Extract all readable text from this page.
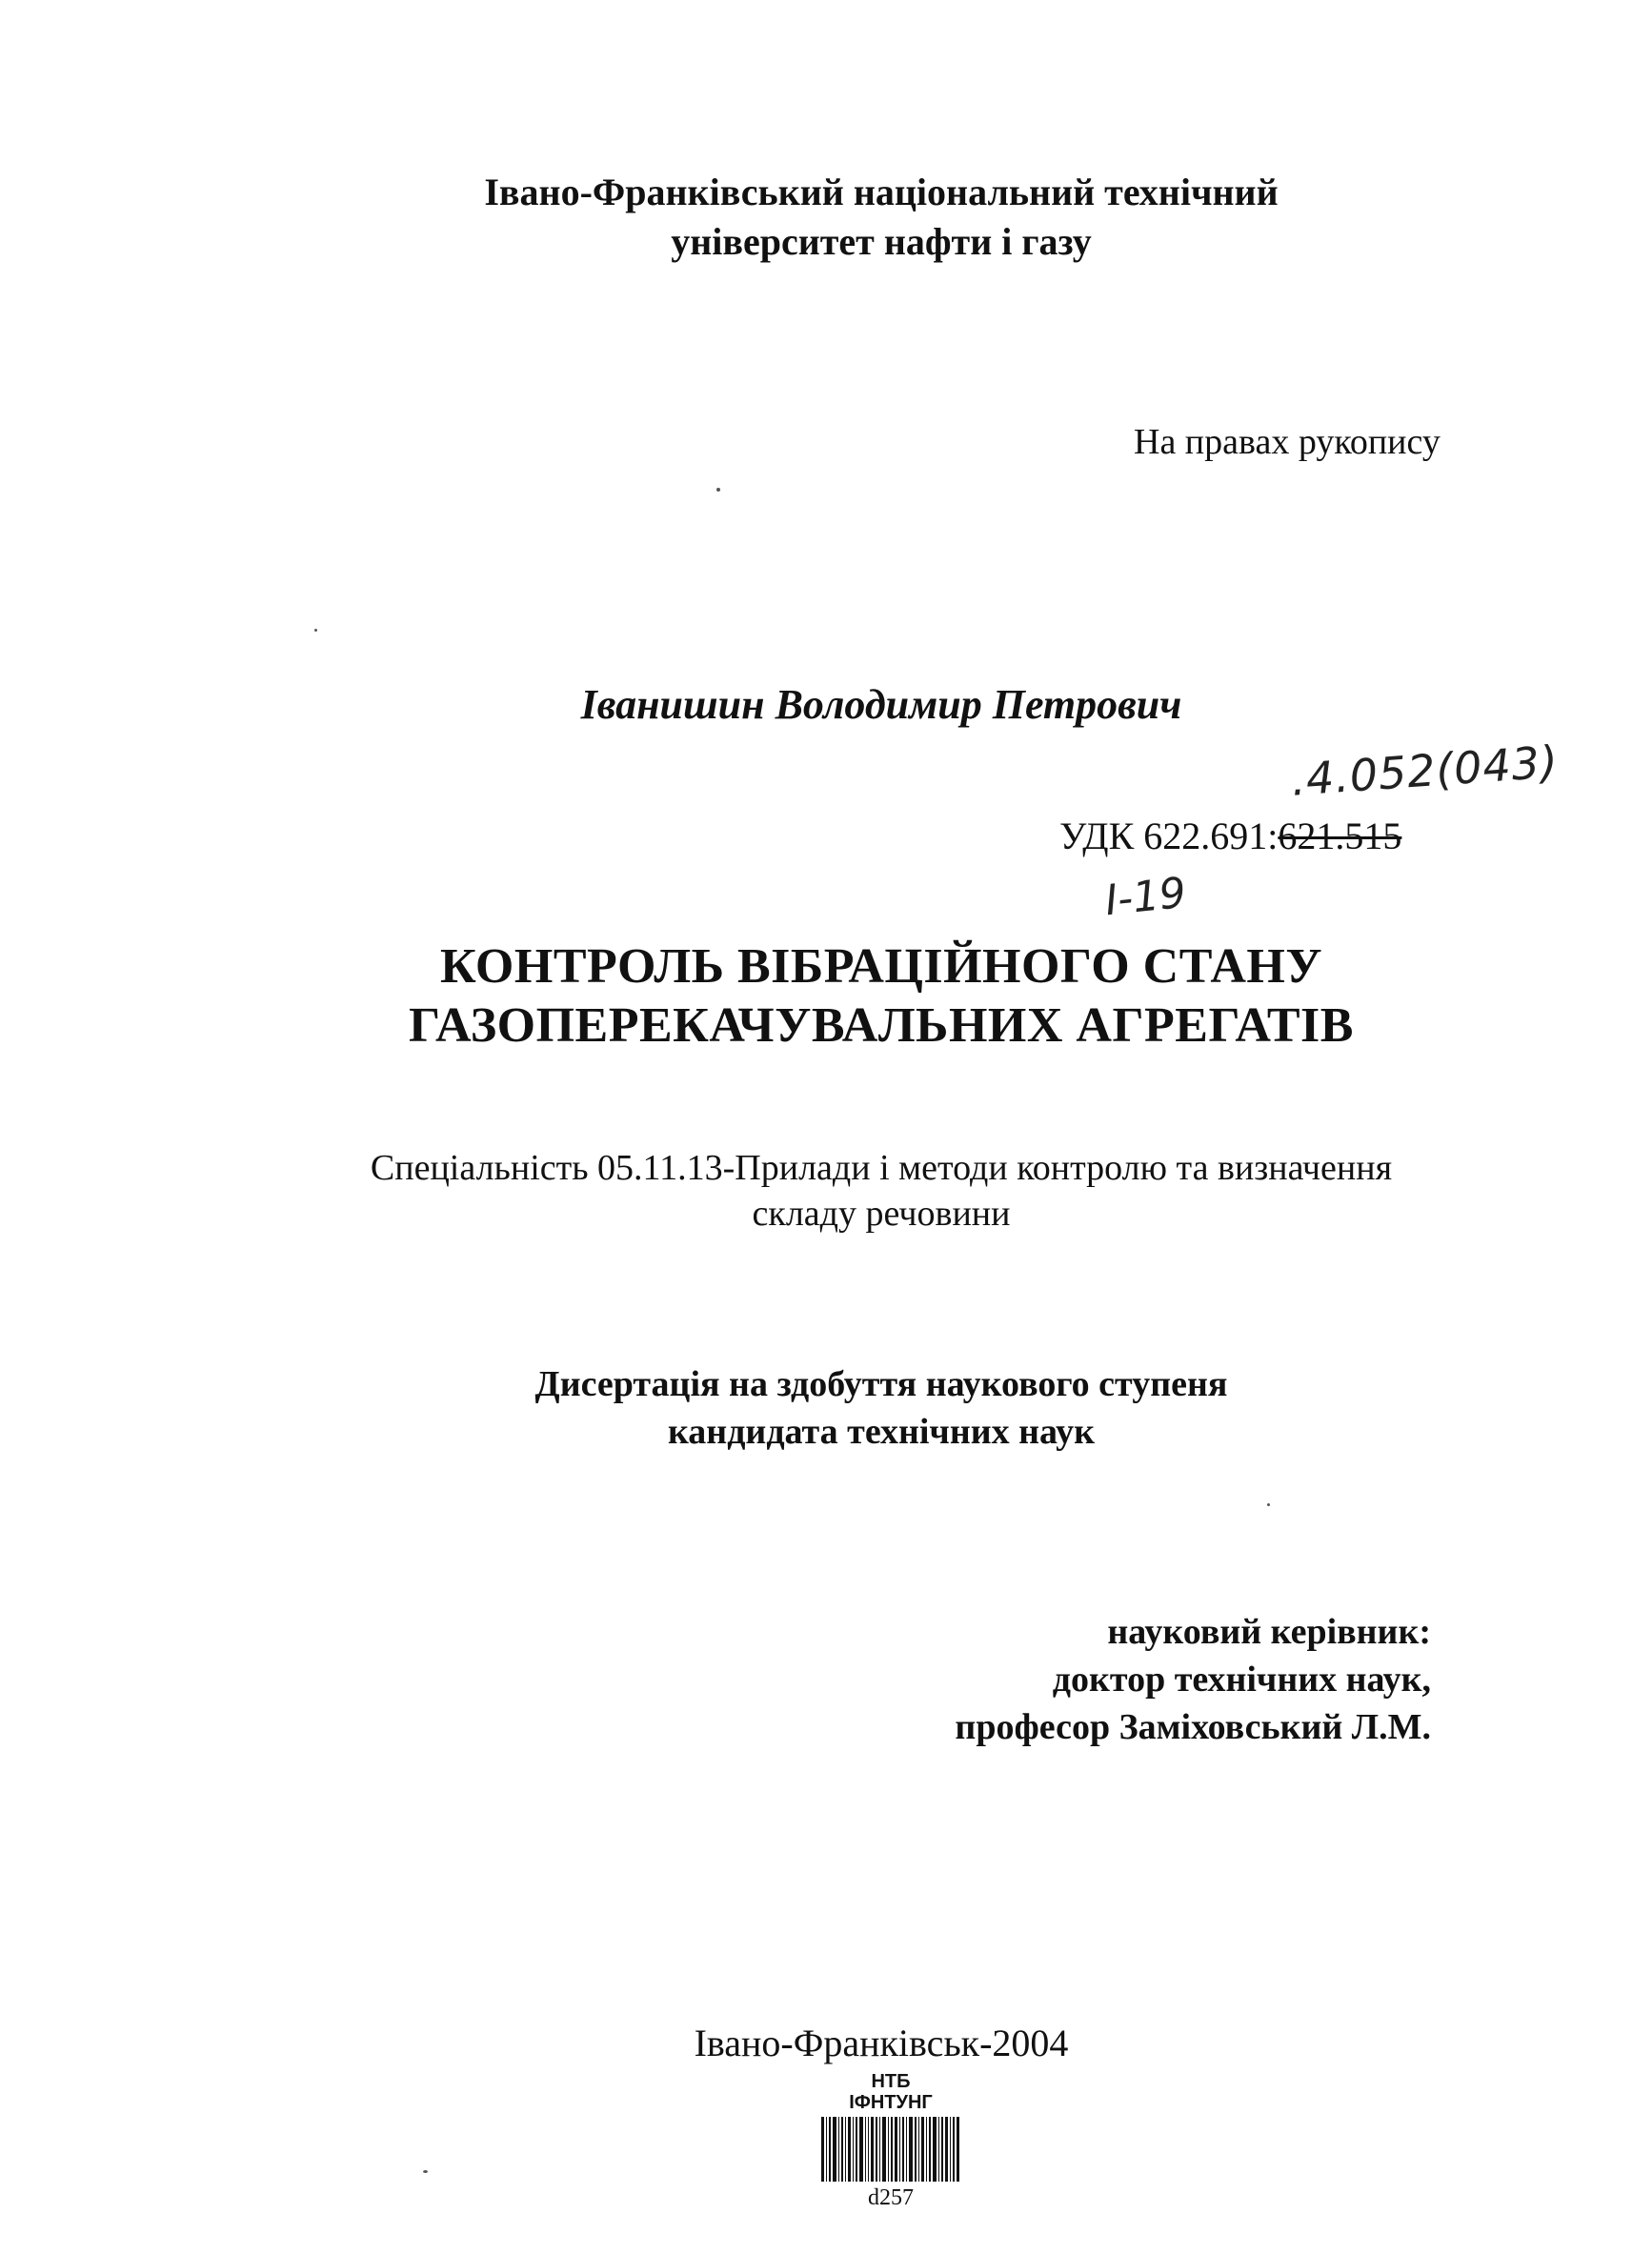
Івано-Франківський національний технічний
університет нафти і газу
На правах рукопису
Іванишин Володимир Петрович
.4.052(043)
УДК 622.691:621.515
І-19
КОНТРОЛЬ ВІБРАЦІЙНОГО СТАНУ
ГАЗОПЕРЕКАЧУВАЛЬНИХ АГРЕГАТІВ
Спеціальність 05.11.13-Прилади і методи контролю та визначення
складу речовини
Дисертація на здобуття наукового ступеня
кандидата технічних наук
науковий керівник:
доктор технічних наук,
професор Заміховський Л.М.
Івано-Франківськ-2004
НТБ
ІФНТУНГ
d257
